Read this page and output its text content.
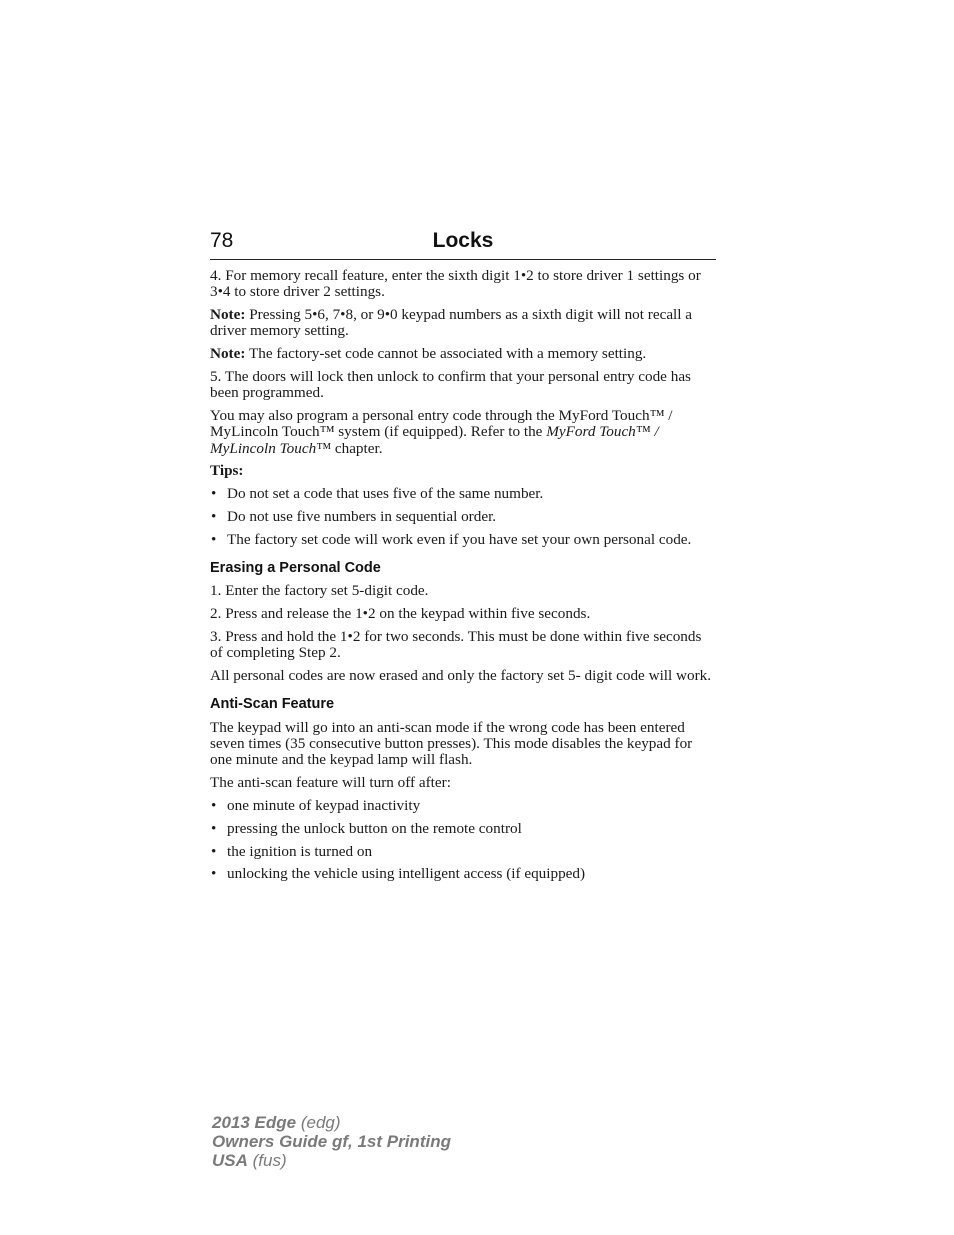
78	Locks

4. For memory recall feature, enter the sixth digit 1•2 to store driver 1 settings or 3•4 to store driver 2 settings.

Note: Pressing 5•6, 7•8, or 9•0 keypad numbers as a sixth digit will not recall a driver memory setting.

Note: The factory-set code cannot be associated with a memory setting.

5. The doors will lock then unlock to confirm that your personal entry code has been programmed.

You may also program a personal entry code through the MyFord Touch™ / MyLincoln Touch™ system (if equipped). Refer to the MyFord Touch™ / MyLincoln Touch™ chapter.

Tips:

• Do not set a code that uses five of the same number.
• Do not use five numbers in sequential order.
• The factory set code will work even if you have set your own personal code.
Erasing a Personal Code

1. Enter the factory set 5-digit code.

2. Press and release the 1•2 on the keypad within five seconds.

3. Press and hold the 1•2 for two seconds. This must be done within five seconds of completing Step 2.

All personal codes are now erased and only the factory set 5- digit code will work.

Anti-Scan Feature

The keypad will go into an anti-scan mode if the wrong code has been entered seven times (35 consecutive button presses). This mode disables the keypad for one minute and the keypad lamp will flash.

The anti-scan feature will turn off after:

• one minute of keypad inactivity
• pressing the unlock button on the remote control
• the ignition is turned on
• unlocking the vehicle using intelligent access (if equipped)
2013 Edge (edg)
Owners Guide gf, 1st Printing
USA (fus)
